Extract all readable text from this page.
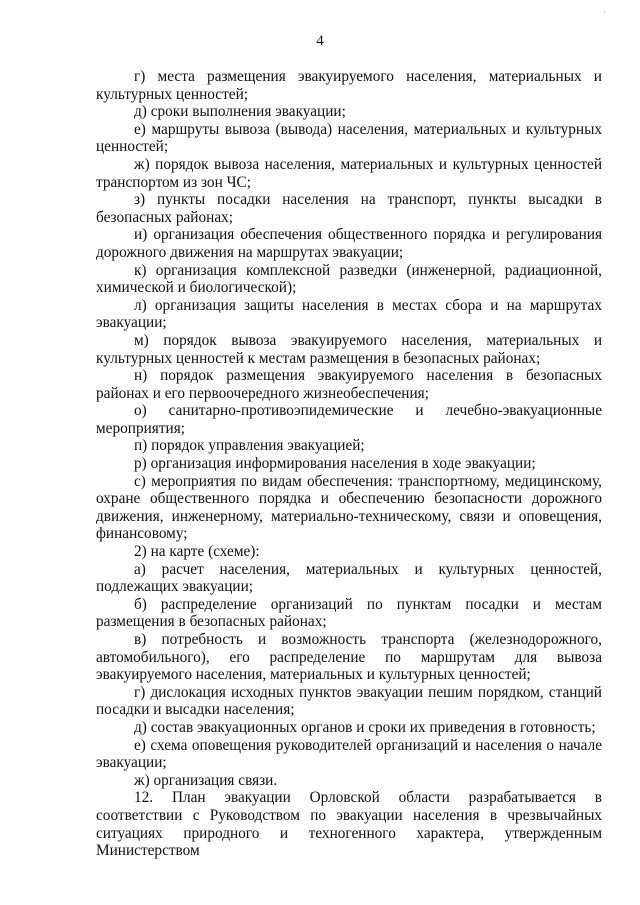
'
4

г) места размещения эвакуируемого населения, материальных и культурных ценностей;

д) сроки выполнения эвакуации;

е) маршруты вывоза (вывода) населения, материальных и культурных ценностей;

ж) порядок вывоза населения, материальных и культурных ценностей транспортом из зон ЧС;

з) пункты посадки населения на транспорт, пункты высадки в безопасных районах;

и) организация обеспечения общественного порядка и регулирования дорожного движения на маршрутах эвакуации;

к) организация комплексной разведки (инженерной, радиационной, химической и биологической);

л) организация защиты населения в местах сбора и на маршрутах эвакуации;

м) порядок вывоза эвакуируемого населения, материальных и культурных ценностей к местам размещения в безопасных районах;

н) порядок размещения эвакуируемого населения в безопасных районах и его первоочередного жизнеобеспечения;

о) санитарно-противоэпидемические и лечебно-эвакуационные мероприятия;

п) порядок управления эвакуацией;

р) организация информирования населения в ходе эвакуации;

с) мероприятия по видам обеспечения: транспортному, медицинскому, охране общественного порядка и обеспечению безопасности дорожного движения, инженерному, материально-техническому, связи и оповещения, финансовому;

2) на карте (схеме):

а) расчет населения, материальных и культурных ценностей, подлежащих эвакуации;

б) распределение организаций по пунктам посадки и местам размещения в безопасных районах;

в) потребность и возможность транспорта (железнодорожного, автомобильного), его распределение по маршрутам для вывоза эвакуируемого населения, материальных и культурных ценностей;

г) дислокация исходных пунктов эвакуации пешим порядком, станций посадки и высадки населения;

д) состав эвакуационных органов и сроки их приведения в готовность;

е) схема оповещения руководителей организаций и населения о начале эвакуации;

ж) организация связи.

12. План эвакуации Орловской области разрабатывается в соответствии с Руководством по эвакуации населения в чрезвычайных ситуациях природного и техногенного характера, утвержденным Министерством
